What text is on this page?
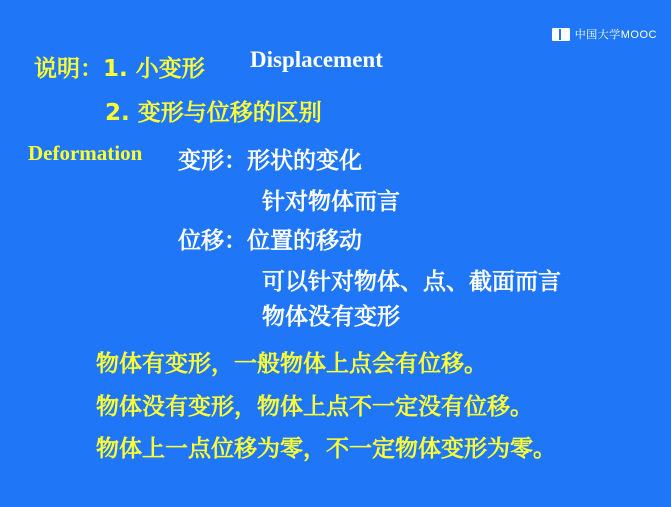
中国大学MOOC
说明：1. 小变形 Displacement
2. 变形与位移的区别
Deformation 变形：形状的变化
针对物体而言
位移：位置的移动
可以针对物体、点、截面而言
物体没有变形
物体有变形，一般物体上点会有位移。
物体没有变形，物体上点不一定没有位移。
物体上一点位移为零，不一定物体变形为零。
